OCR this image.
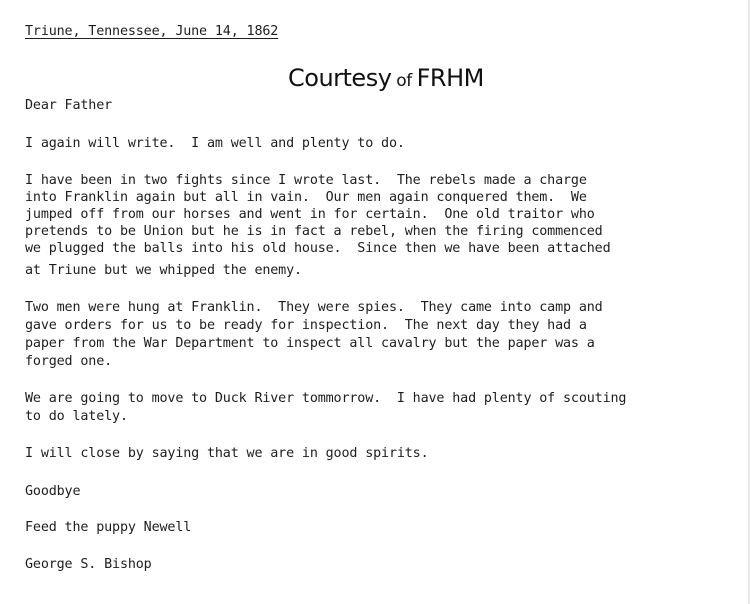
Triune, Tennessee, June 14, 1862

Courtesy of FRHM

Dear Father

I again will write.  I am well and plenty to do.

I have been in two fights since I wrote last.  The rebels made a charge

into Franklin again but all in vain.  Our men again conquered them.  We

jumped off from our horses and went in for certain.  One old traitor who

pretends to be Union but he is in fact a rebel, when the firing commenced

we plugged the balls into his old house.  Since then we have been attached

at Triune but we whipped the enemy.

Two men were hung at Franklin.  They were spies.  They came into camp and

gave orders for us to be ready for inspection.  The next day they had a

paper from the War Department to inspect all cavalry but the paper was a

forged one.

We are going to move to Duck River tommorrow.  I have had plenty of scouting

to do lately.

I will close by saying that we are in good spirits.

Goodbye

Feed the puppy Newell

George S. Bishop
